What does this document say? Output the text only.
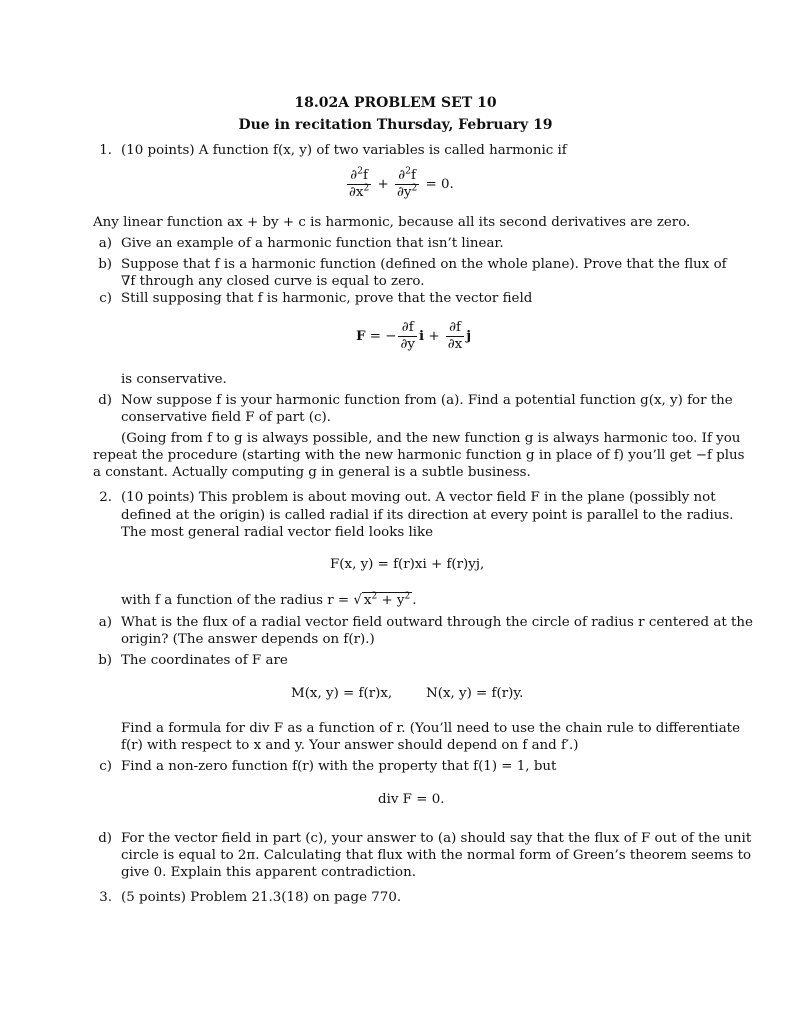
18.02A PROBLEM SET 10
Due in recitation Thursday, February 19
1. (10 points) A function f(x, y) of two variables is called harmonic if
$\frac{\partial^2f}{\partial x^2} + \frac{\partial^2f}{\partial y^2} = 0$.
Any linear function ax + by + c is harmonic, because all its second derivatives are zero.
a) Give an example of a harmonic function that isn’t linear.
b) Suppose that f is a harmonic function (defined on the whole plane). Prove that the flux of
∇f through any closed curve is equal to zero.
c) Still supposing that f is harmonic, prove that the vector field
F = − $\frac{\partial f}{\partial y}$ $i + \frac{\partial f}{\partial x}$ j
is conservative.
d) Now suppose f is your harmonic function from (a). Find a potential function g(x, y) for the
conservative field F of part (c).
(Going from f to g is always possible, and the new function g is always harmonic too. If you
repeat the procedure (starting with the new harmonic function g in place of f) you’ll get −f plus
a constant. Actually computing g in general is a subtle business.
2. (10 points) This problem is about moving out. A vector field F in the plane (possibly not
defined at the origin) is called radial if its direction at every point is parallel to the radius.
The most general radial vector field looks like
F(x, y) = f(r)xi + f(r)yj,
with f a function of the radius r = √ $x^2 + y^2$ .
a) What is the flux of a radial vector field outward through the circle of radius r centered at the
origin? (The answer depends on f(r).)
b) The coordinates of F are
M(x, y) = f(r)x,	N(x, y) = f(r)y.
Find a formula for div F as a function of r. (You’ll need to use the chain rule to differentiate
f(r) with respect to x and y. Your answer should depend on f and f′.)
c) Find a non-zero function f(r) with the property that f(1) = 1, but
div F = 0.
d) For the vector field in part (c), your answer to (a) should say that the flux of F out of the unit
circle is equal to 2π. Calculating that flux with the normal form of Green’s theorem seems to
give 0. Explain this apparent contradiction.
3. (5 points) Problem 21.3(18) on page 770.
